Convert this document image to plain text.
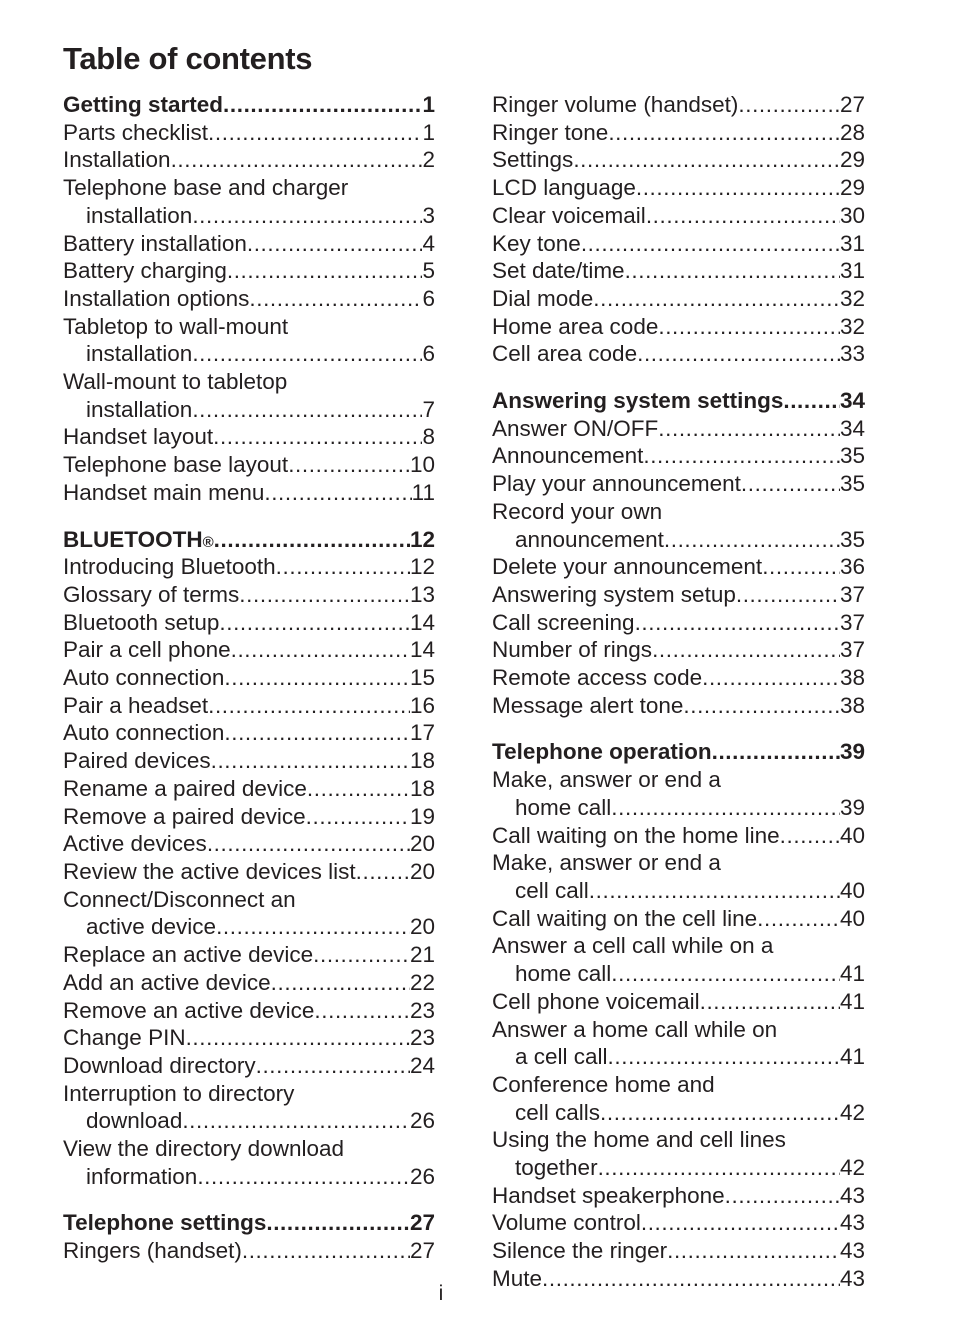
Table of contents
Getting started .....	1
Parts checklist .....	1
Installation .....	2
Telephone base and charger
installation .....	3
Battery installation .....	4
Battery charging .....	5
Installation options .....	6
Tabletop to wall-mount
installation .....	6
Wall-mount to tabletop
installation .....	7
Handset layout .....	8
Telephone base layout .....	10
Handset main menu .....	11
BLUETOOTH ® .....	12
Introducing Bluetooth .....	12
Glossary of terms .....	13
Bluetooth setup .....	14
Pair a cell phone .....	14
Auto connection .....	15
Pair a headset .....	16
Auto connection .....	17
Paired devices .....	18
Rename a paired device .....	18
Remove a paired device .....	19
Active devices .....	20
Review the active devices list ..... 20
Connect/Disconnect an
active device .....	20
Replace an active device .....	21
Add an active device .....	22
Remove an active device .....	23
Change PIN .....	23
Download directory .....	24
Interruption to directory
download .....	26
View the directory download
information .....	26
Telephone settings .....	27
Ringers (handset) .....	27
Ringer volume (handset) .....	27
Ringer tone .....	28
Settings .....	29
LCD language .....	29
Clear voicemail .....	30
Key tone .....	31
Set date/time .....	31
Dial mode .....	32
Home area code .....	32
Cell area code .....	33
Answering system settings .....	34
Answer ON/OFF .....	34
Announcement .....	35
Play your announcement .....	35
Record your own
announcement .....	35
Delete your announcement .....	36
Answering system setup .....	37
Call screening .....	37
Number of rings .....	37
Remote access code .....	38
Message alert tone .....	38
Telephone operation .....	39
Make, answer or end a
home call .....	39
Call waiting on the home line .....	40
Make, answer or end a
cell call .....	40
Call waiting on the cell line .....	40
Answer a cell call while on a
home call .....	41
Cell phone voicemail .....	41
Answer a home call while on
a cell call .....	41
Conference home and
cell calls .....	42
Using the home and cell lines
together .....	42
Handset speakerphone .....	43
Volume control .....	43
Silence the ringer .....	43
Mute .....	43
i
